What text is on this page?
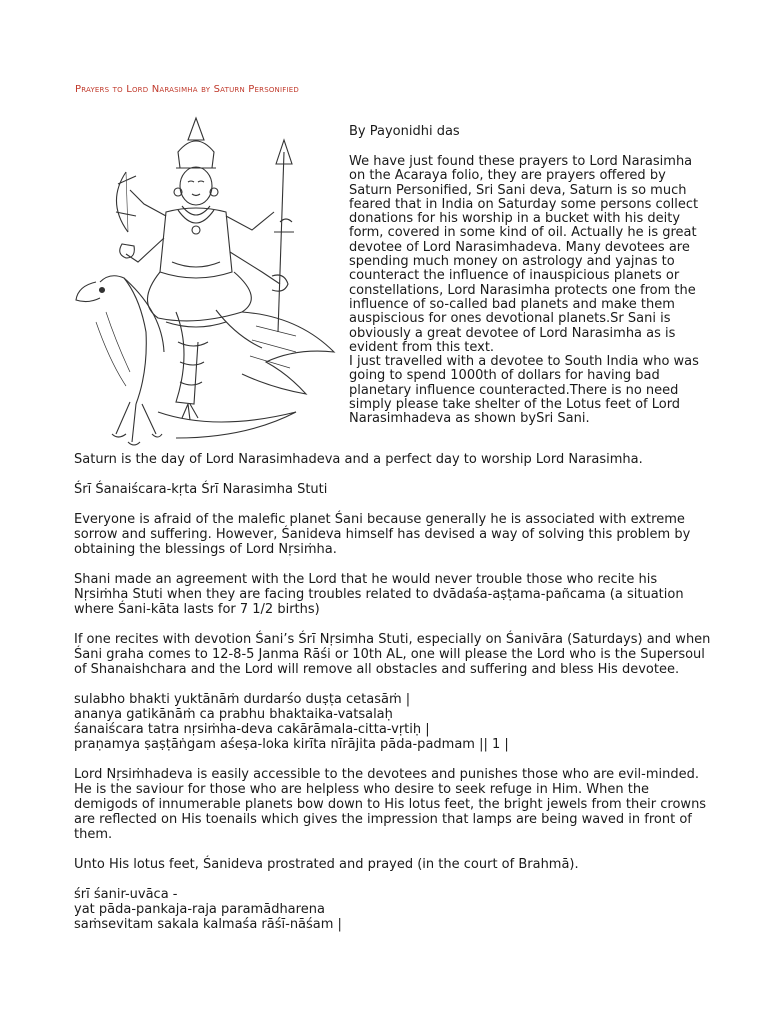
Prayers to Lord Narasimha by Saturn Personified
By Payonidhi das

We have just found these prayers to Lord Narasimha on the Acaraya folio, they are prayers offered by Saturn Personified, Sri Sani deva, Saturn is so much feared that in India on Saturday some persons collect donations for his worship in a bucket with his deity form, covered in some kind of oil. Actually he is great devotee of Lord Narasimhadeva. Many devotees are spending much money on astrology and yajnas to counteract the influence of inauspicious planets or constellations, Lord Narasimha protects one from the influence of so-called bad planets and make them auspiscious for ones devotional planets.Sr Sani is obviously a great devotee of Lord Narasimha as is evident from this text.

I just travelled with a devotee to South India who was going to spend 1000th of dollars for having bad planetary influence counteracted.There is no need simply please take shelter of the Lotus feet of Lord Narasimhadeva as shown bySri Sani.

Saturn is the day of Lord Narasimhadeva and a perfect day to worship Lord Narasimha.

Śrī Śanaiścara-kṛta Śrī Narasimha Stuti

Everyone is afraid of the malefic planet Śani because generally he is associated with extreme sorrow and suffering. However, Śanideva himself has devised a way of solving this problem by obtaining the blessings of Lord Nṛsiṁha.

Shani made an agreement with the Lord that he would never trouble those who recite his Nṛsiṁha Stuti when they are facing troubles related to dvādaśa-aṣṭama-pañcama (a situation where Śani-kāta lasts for 7 1/2 births)

If one recites with devotion Śani’s Śrī Nṛsimha Stuti, especially on Śanivāra (Saturdays) and when Śani graha comes to 12-8-5 Janma Rāśi or 10th AL, one will please the Lord who is the Supersoul of Shanaishchara and the Lord will remove all obstacles and suffering and bless His devotee.

sulabho bhakti yuktānāṁ durdarśo duṣṭa cetasāṁ |
ananya gatikānāṁ ca prabhu bhaktaika-vatsalaḥ
śanaiścara tatra nṛsiṁha-deva cakārāmala-citta-vṛtiḥ |
praṇamya ṣaṣṭāṅgam aśeṣa-loka kirīta nīrājita pāda-padmam || 1 |

Lord Nṛsiṁhadeva is easily accessible to the devotees and punishes those who are evil-minded. He is the saviour for those who are helpless who desire to seek refuge in Him. When the demigods of innumerable planets bow down to His lotus feet, the bright jewels from their crowns are reflected on His toenails which gives the impression that lamps are being waved in front of them.

Unto His lotus feet, Śanideva prostrated and prayed (in the court of Brahmā).

śrī śanir-uvāca -
yat pāda-pankaja-raja paramādharena
saṁsevitam sakala kalmaśa rāśī-nāśam |
